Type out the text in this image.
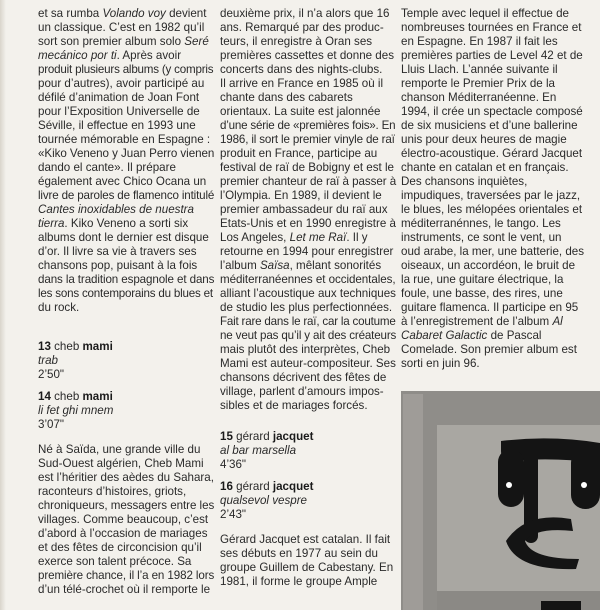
et sa rumba Volando voy devient
un classique. C’est en 1982 qu’il
sort son premier album solo Seré
mecánico por ti. Après avoir
produit plusieurs albums (y compris
pour d’autres), avoir participé au
défilé d’animation de Joan Font
pour l’Exposition Universelle de
Séville, il effectue en 1993 une
tournée mémorable en Espagne :
«Kiko Veneno y Juan Perro vienen
dando el cante». Il prépare
également avec Chico Ocana un
livre de paroles de flamenco intitulé
Cantes inoxidables de nuestra
tierra. Kiko Veneno a sorti six
albums dont le dernier est disque
d’or. Il livre sa vie à travers ses
chansons pop, puisant à la fois
dans la tradition espagnole et dans
les sons contemporains du blues et
du rock.
13 cheb mami
trab
2’50"
14 cheb mami
li fet ghi mnem
3’07"
Né à Saïda, une grande ville du
Sud-Ouest algérien, Cheb Mami
est l’héritier des aèdes du Sahara,
raconteurs d’histoires, griots,
chroniqueurs, messagers entre les
villages. Comme beaucoup, c’est
d’abord à l’occasion de mariages
et des fêtes de circoncision qu’il
exerce son talent précoce. Sa
première chance, il l’a en 1982 lors
d’un télé-crochet où il remporte le
deuxième prix, il n’a alors que 16
ans. Remarqué par des produc-
teurs, il enregistre à Oran ses
premières cassettes et donne des
concerts dans des nights-clubs.
Il arrive en France en 1985 où il
chante dans des cabarets
orientaux. La suite est jalonnée
d’une série de «premières fois». En
1986, il sort le premier vinyle de raï
produit en France, participe au
festival de raï de Bobigny et est le
premier chanteur de raï à passer à
l’Olympia. En 1989, il devient le
premier ambassadeur du raï aux
Etats-Unis et en 1990 enregistre à
Los Angeles, Let me Raï. Il y
retourne en 1994 pour enregistrer
l’album Saïsa, mêlant sonorités
méditerranéennes et occidentales,
alliant l’acoustique aux techniques
de studio les plus perfectionnées.
Fait rare dans le raï, car la coutume
ne veut pas qu’il y ait des créateurs
mais plutôt des interprètes, Cheb
Mami est auteur-compositeur. Ses
chansons décrivent des fêtes de
village, parlent d’amours impos-
sibles et de mariages forcés.
15 gérard jacquet
al bar marsella
4’36"
16 gérard jacquet
qualsevol vespre
2’43"
Gérard Jacquet est catalan. Il fait
ses débuts en 1977 au sein du
groupe Guillem de Cabestany. En
1981, il forme le groupe Ample
Temple avec lequel il effectue de
nombreuses tournées en France et
en Espagne. En 1987 il fait les
premières parties de Level 42 et de
Lluis Llach. L’année suivante il
remporte le Premier Prix de la
chanson Méditerranéenne. En
1994, il crée un spectacle composé
de six musiciens et d’une ballerine
unis pour deux heures de magie
électro-acoustique. Gérard Jacquet
chante en catalan et en français.
Des chansons inquiètes,
impudiques, traversées par le jazz,
le blues, les mélopées orientales et
méditerranénnes, le tango. Les
instruments, ce sont le vent, un
oud arabe, la mer, une batterie, des
oiseaux, un accordéon, le bruit de
la rue, une guitare électrique, la
foule, une basse, des rires, une
guitare flamenca. Il participe en 95
à l’enregistrement de l’album Al
Cabaret Galactic de Pascal
Comelade. Son premier album est
sorti en juin 96.
